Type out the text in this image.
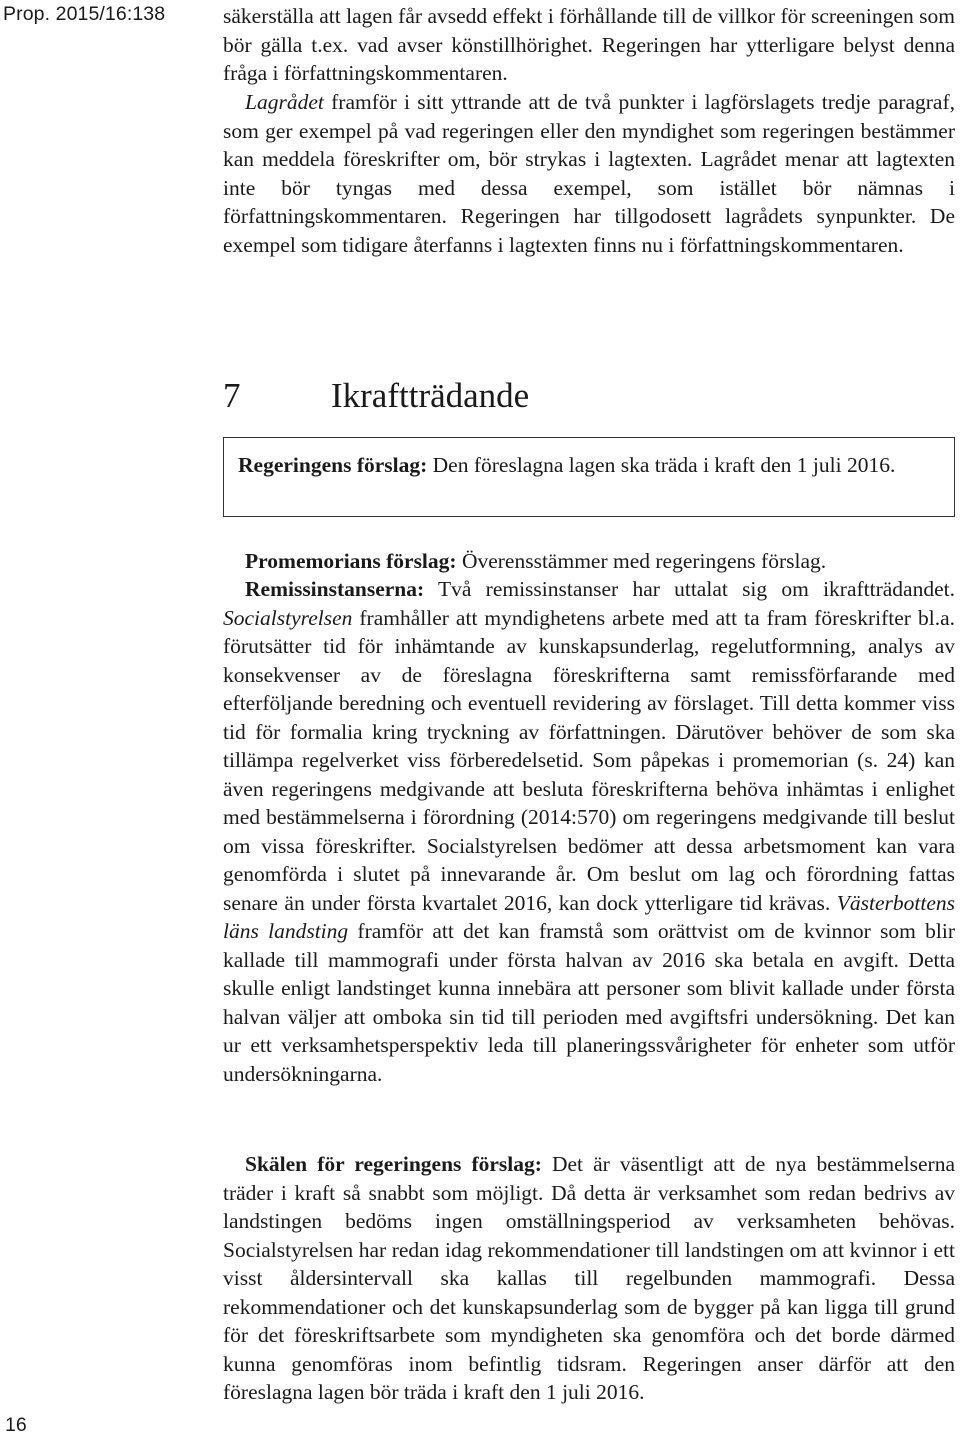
Prop. 2015/16:138	säkerställa att lagen får avsedd effekt i förhållande till de villkor för screeningen som bör gälla t.ex. vad avser könstillhörighet. Regeringen har ytterligare belyst denna fråga i författningskommentaren.

Lagrådet framför i sitt yttrande att de två punkter i lagförslagets tredje paragraf, som ger exempel på vad regeringen eller den myndighet som regeringen bestämmer kan meddela föreskrifter om, bör strykas i lagtexten. Lagrådet menar att lagtexten inte bör tyngas med dessa exempel, som istället bör nämnas i författningskommentaren. Regeringen har tillgodosett lagrådets synpunkter. De exempel som tidigare återfanns i lagtexten finns nu i författningskommentaren.

7	Ikraftträdande

Regeringens förslag: Den föreslagna lagen ska träda i kraft den 1 juli 2016.

Promemorians förslag: Överensstämmer med regeringens förslag.

Remissinstanserna: Två remissinstanser har uttalat sig om ikraftträdandet. Socialstyrelsen framhåller att myndighetens arbete med att ta fram föreskrifter bl.a. förutsätter tid för inhämtande av kunskapsunderlag, regelutformning, analys av konsekvenser av de föreslagna föreskrifterna samt remissförfarande med efterföljande beredning och eventuell revidering av förslaget. Till detta kommer viss tid för formalia kring tryckning av författningen. Därutöver behöver de som ska tillämpa regelverket viss förberedelsetid. Som påpekas i promemorian (s. 24) kan även regeringens medgivande att besluta föreskrifterna behöva inhämtas i enlighet med bestämmelserna i förordning (2014:570) om regeringens medgivande till beslut om vissa föreskrifter. Socialstyrelsen bedömer att dessa arbetsmoment kan vara genomförda i slutet på innevarande år. Om beslut om lag och förordning fattas senare än under första kvartalet 2016, kan dock ytterligare tid krävas. Västerbottens läns landsting framför att det kan framstå som orättvist om de kvinnor som blir kallade till mammografi under första halvan av 2016 ska betala en avgift. Detta skulle enligt landstinget kunna innebära att personer som blivit kallade under första halvan väljer att omboka sin tid till perioden med avgiftsfri undersökning. Det kan ur ett verksamhetsperspektiv leda till planeringssvårigheter för enheter som utför undersökningarna.

Skälen för regeringens förslag: Det är väsentligt att de nya bestämmelserna träder i kraft så snabbt som möjligt. Då detta är verksamhet som redan bedrivs av landstingen bedöms ingen omställningsperiod av verksamheten behövas. Socialstyrelsen har redan idag rekommendationer till landstingen om att kvinnor i ett visst åldersintervall ska kallas till regelbunden mammografi. Dessa rekommendationer och det kunskapsunderlag som de bygger på kan ligga till grund för det föreskriftsarbete som myndigheten ska genomföra och det borde därmed kunna genomföras inom befintlig tidsram. Regeringen anser därför att den föreslagna lagen bör träda i kraft den 1 juli 2016.

16
